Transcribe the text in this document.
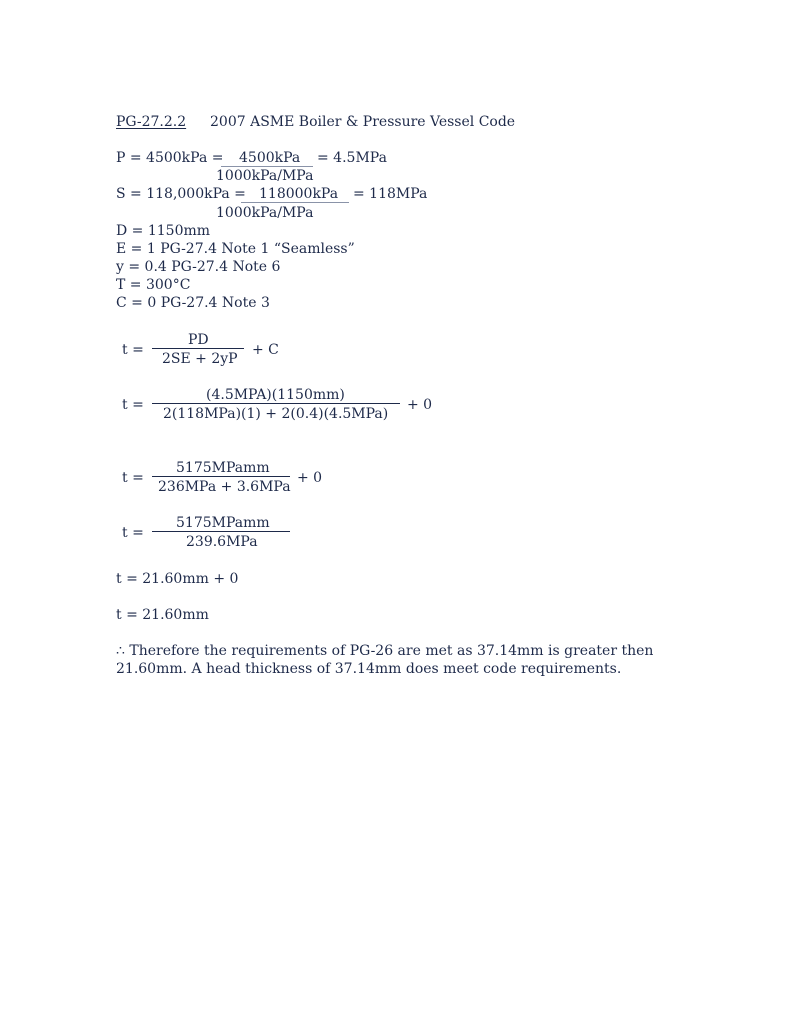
PG-27.2.2 2007 ASME Boiler & Pressure Vessel Code
P = 4500kPa = 4500kPa = 4.5MPa
1000kPa/MPa
S = 118,000kPa = 118000kPa = 118MPa
1000kPa/MPa
D = 1150mm
E = 1 PG-27.4 Note 1 “Seamless”
y = 0.4 PG-27.4 Note 6
T = 300°C
C = 0 PG-27.4 Note 3
t =
PD
2SE + 2yP
+ C
t =
(4.5MPA)(1150mm)
2(118MPa)(1) + 2(0.4)(4.5MPa)
+ 0
t =
5175MPamm
236MPa + 3.6MPa
+ 0
t =
5175MPamm
239.6MPa
t = 21.60mm + 0
t = 21.60mm
∴ Therefore the requirements of PG-26 are met as 37.14mm is greater then
21.60mm. A head thickness of 37.14mm does meet code requirements.
